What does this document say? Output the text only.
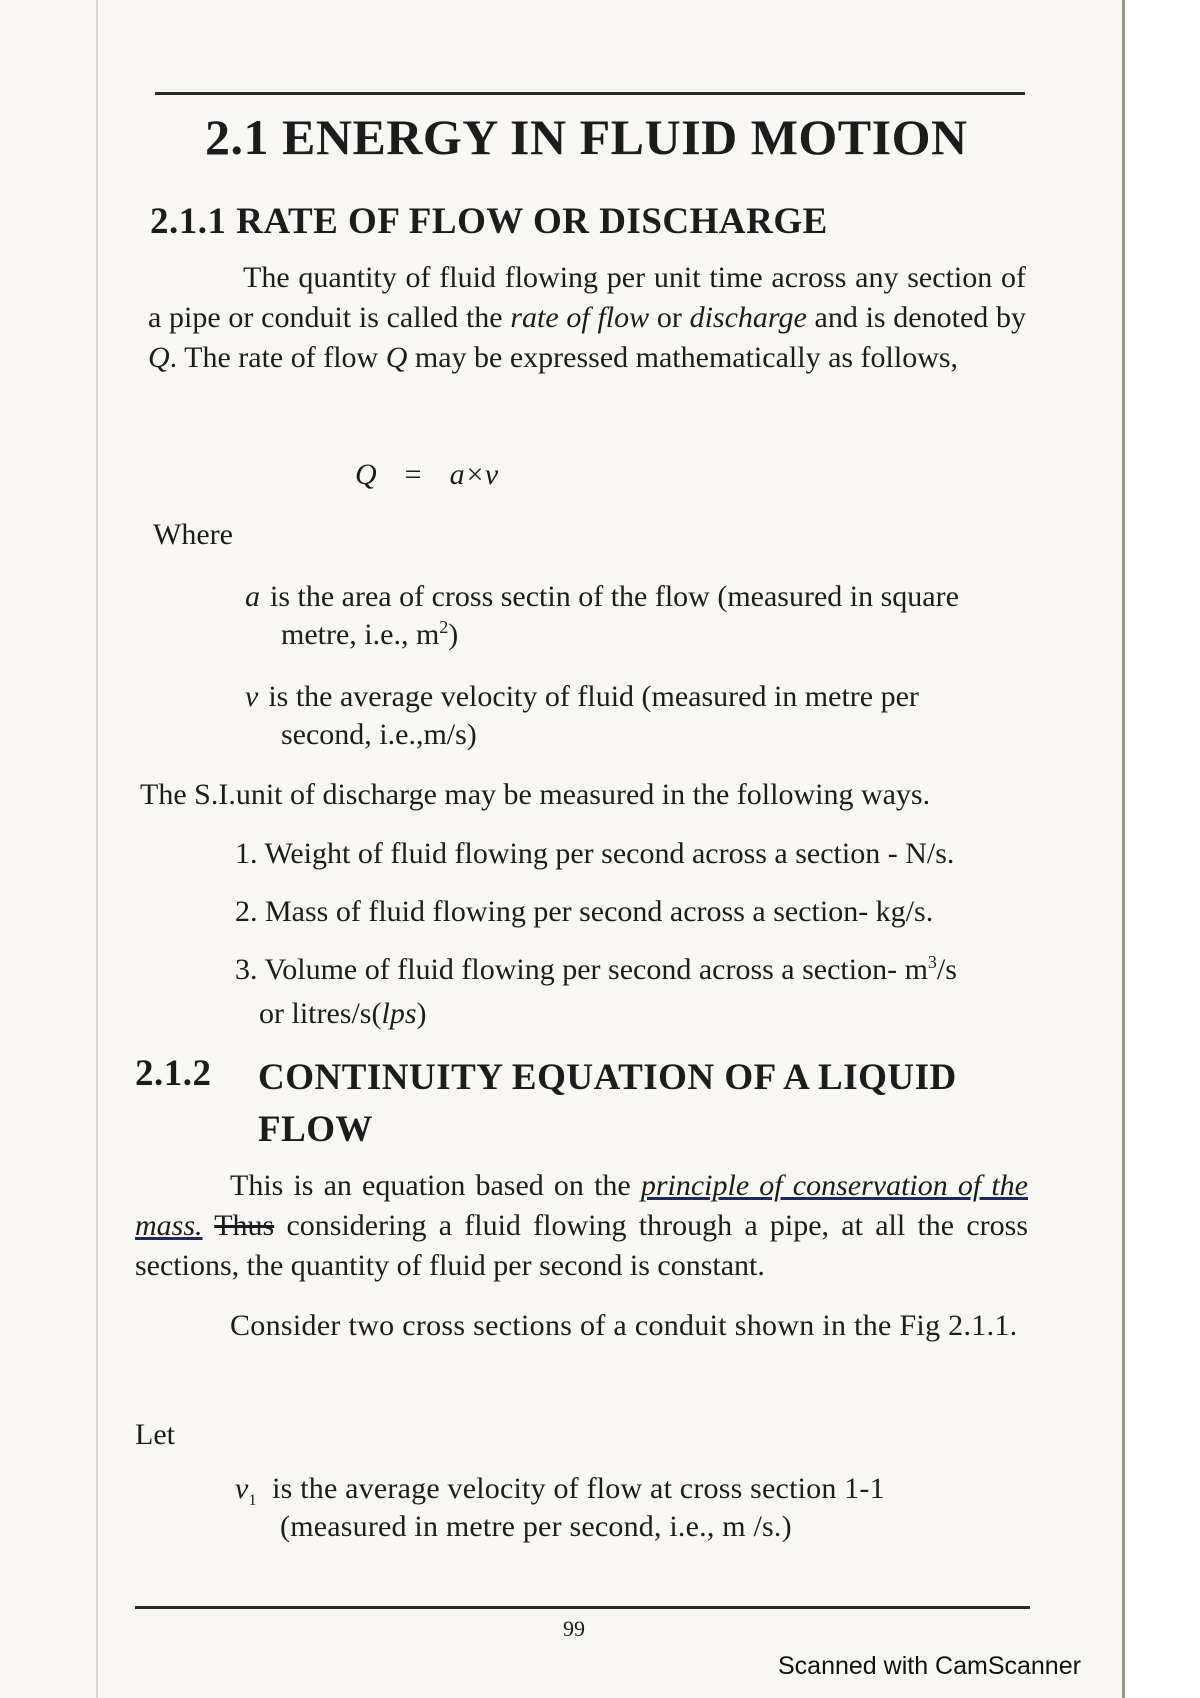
2.1 ENERGY IN FLUID MOTION
2.1.1 RATE OF FLOW OR DISCHARGE
The quantity of fluid flowing per unit time across any section of a pipe or conduit is called the rate of flow or discharge and is denoted by Q. The rate of flow Q may be expressed mathematically as follows,
Q = a×v
Where
a is the area of cross sectin of the flow (measured in square
metre, i.e., $m^2$)
v is the average velocity of fluid (measured in metre per
second, i.e.,m/s)
The S.I.unit of discharge may be measured in the following ways.
1. Weight of fluid flowing per second across a section - N/s.
2. Mass of fluid flowing per second across a section- kg/s.
3. Volume of fluid flowing per second across a section- $m^3/s$
or litres/s(lps)
2.1.2 CONTINUITY EQUATION OF A LIQUID
FLOW
This is an equation based on the principle of conservation of the mass. Thus considering a fluid flowing through a pipe, at all the cross sections, the quantity of fluid per second is constant.
Consider two cross sections of a conduit shown in the Fig 2.1.1.
Let
$v_1$ is the average velocity of flow at cross section 1-1
(measured in metre per second, i.e., m /s.)
99
Scanned with CamScanner
